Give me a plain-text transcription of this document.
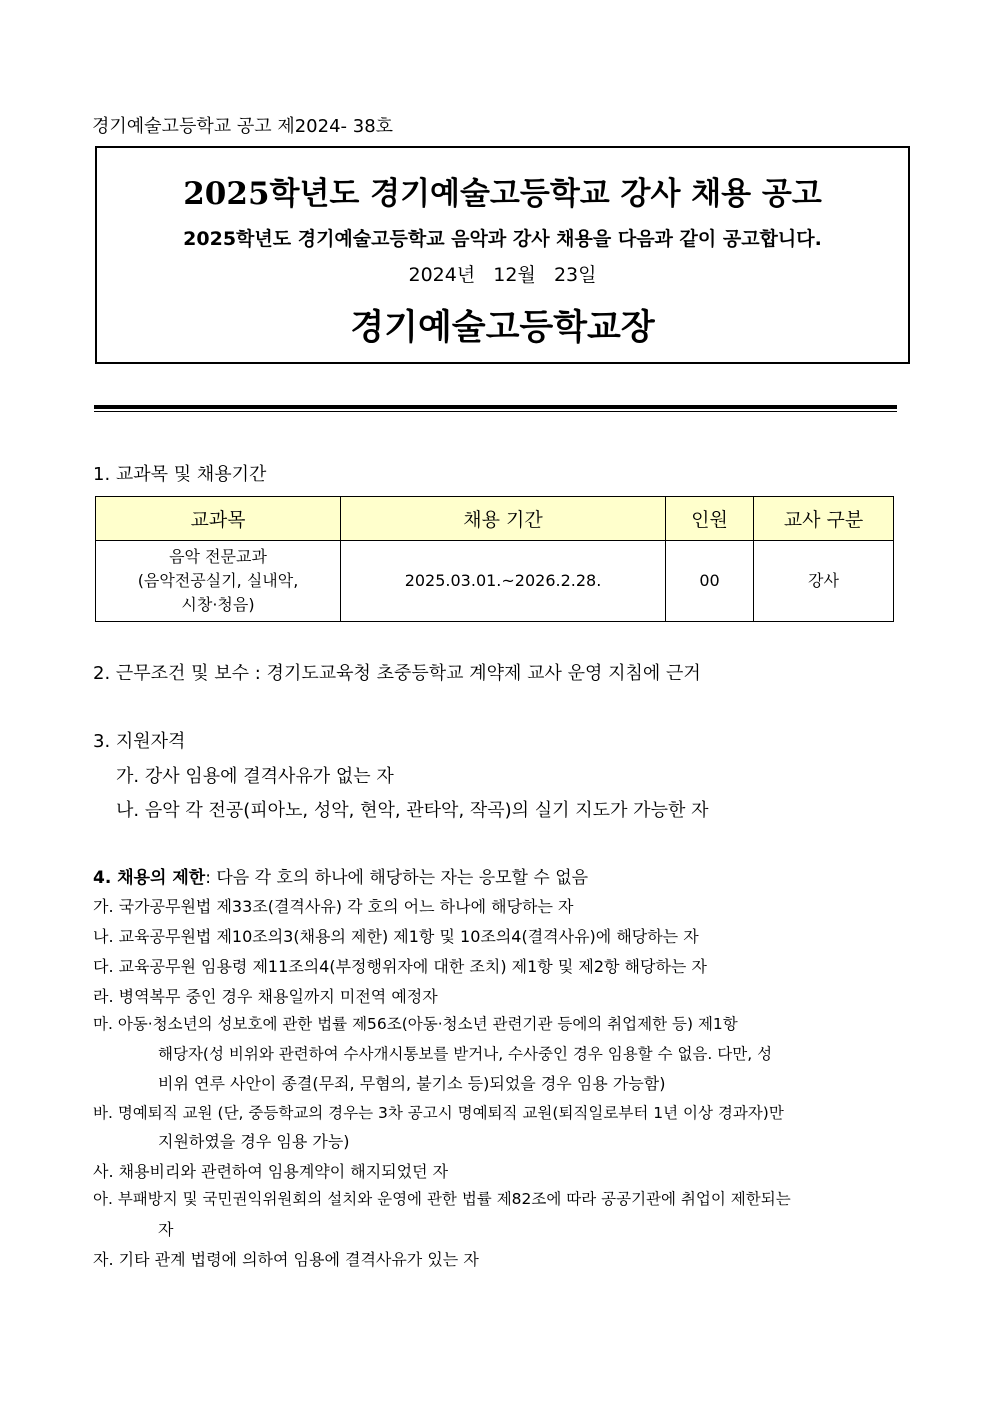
경기예술고등학교 공고 제2024- 38호
2025학년도 경기예술고등학교 강사 채용 공고
2025학년도 경기예술고등학교 음악과 강사 채용을 다음과 같이 공고합니다.
2024년   12월   23일
경기예술고등학교장
1. 교과목 및 채용기간
교과목	채용 기간	인원	교사 구분

음악 전문교과
(음악전공실기, 실내악,
시창·청음)	2025.03.01.~2026.2.28.	00	강사
2. 근무조건 및 보수 : 경기도교육청 초중등학교 계약제 교사 운영 지침에 근거
3. 지원자격
가. 강사 임용에 결격사유가 없는 자
나. 음악 각 전공(피아노, 성악, 현악, 관타악, 작곡)의 실기 지도가 가능한 자
4. 채용의 제한: 다음 각 호의 하나에 해당하는 자는 응모할 수 없음
가. 국가공무원법 제33조(결격사유) 각 호의 어느 하나에 해당하는 자
나. 교육공무원법 제10조의3(채용의 제한) 제1항 및 10조의4(결격사유)에 해당하는 자
다. 교육공무원 임용령 제11조의4(부정행위자에 대한 조치) 제1항 및 제2항 해당하는 자
라. 병역복무 중인 경우 채용일까지 미전역 예정자
마. 아동·청소년의 성보호에 관한 법률 제56조(아동·청소년 관련기관 등에의 취업제한 등) 제1항
해당자(성 비위와 관련하여 수사개시통보를 받거나, 수사중인 경우 임용할 수 없음. 다만, 성
비위 연루 사안이 종결(무죄, 무혐의, 불기소 등)되었을 경우 임용 가능함)
바. 명예퇴직 교원 (단, 중등학교의 경우는 3차 공고시 명예퇴직 교원(퇴직일로부터 1년 이상 경과자)만
지원하였을 경우 임용 가능)
사. 채용비리와 관련하여 임용계약이 해지되었던 자
아. 부패방지 및 국민권익위원회의 설치와 운영에 관한 법률 제82조에 따라 공공기관에 취업이 제한되는
자
자. 기타 관계 법령에 의하여 임용에 결격사유가 있는 자
